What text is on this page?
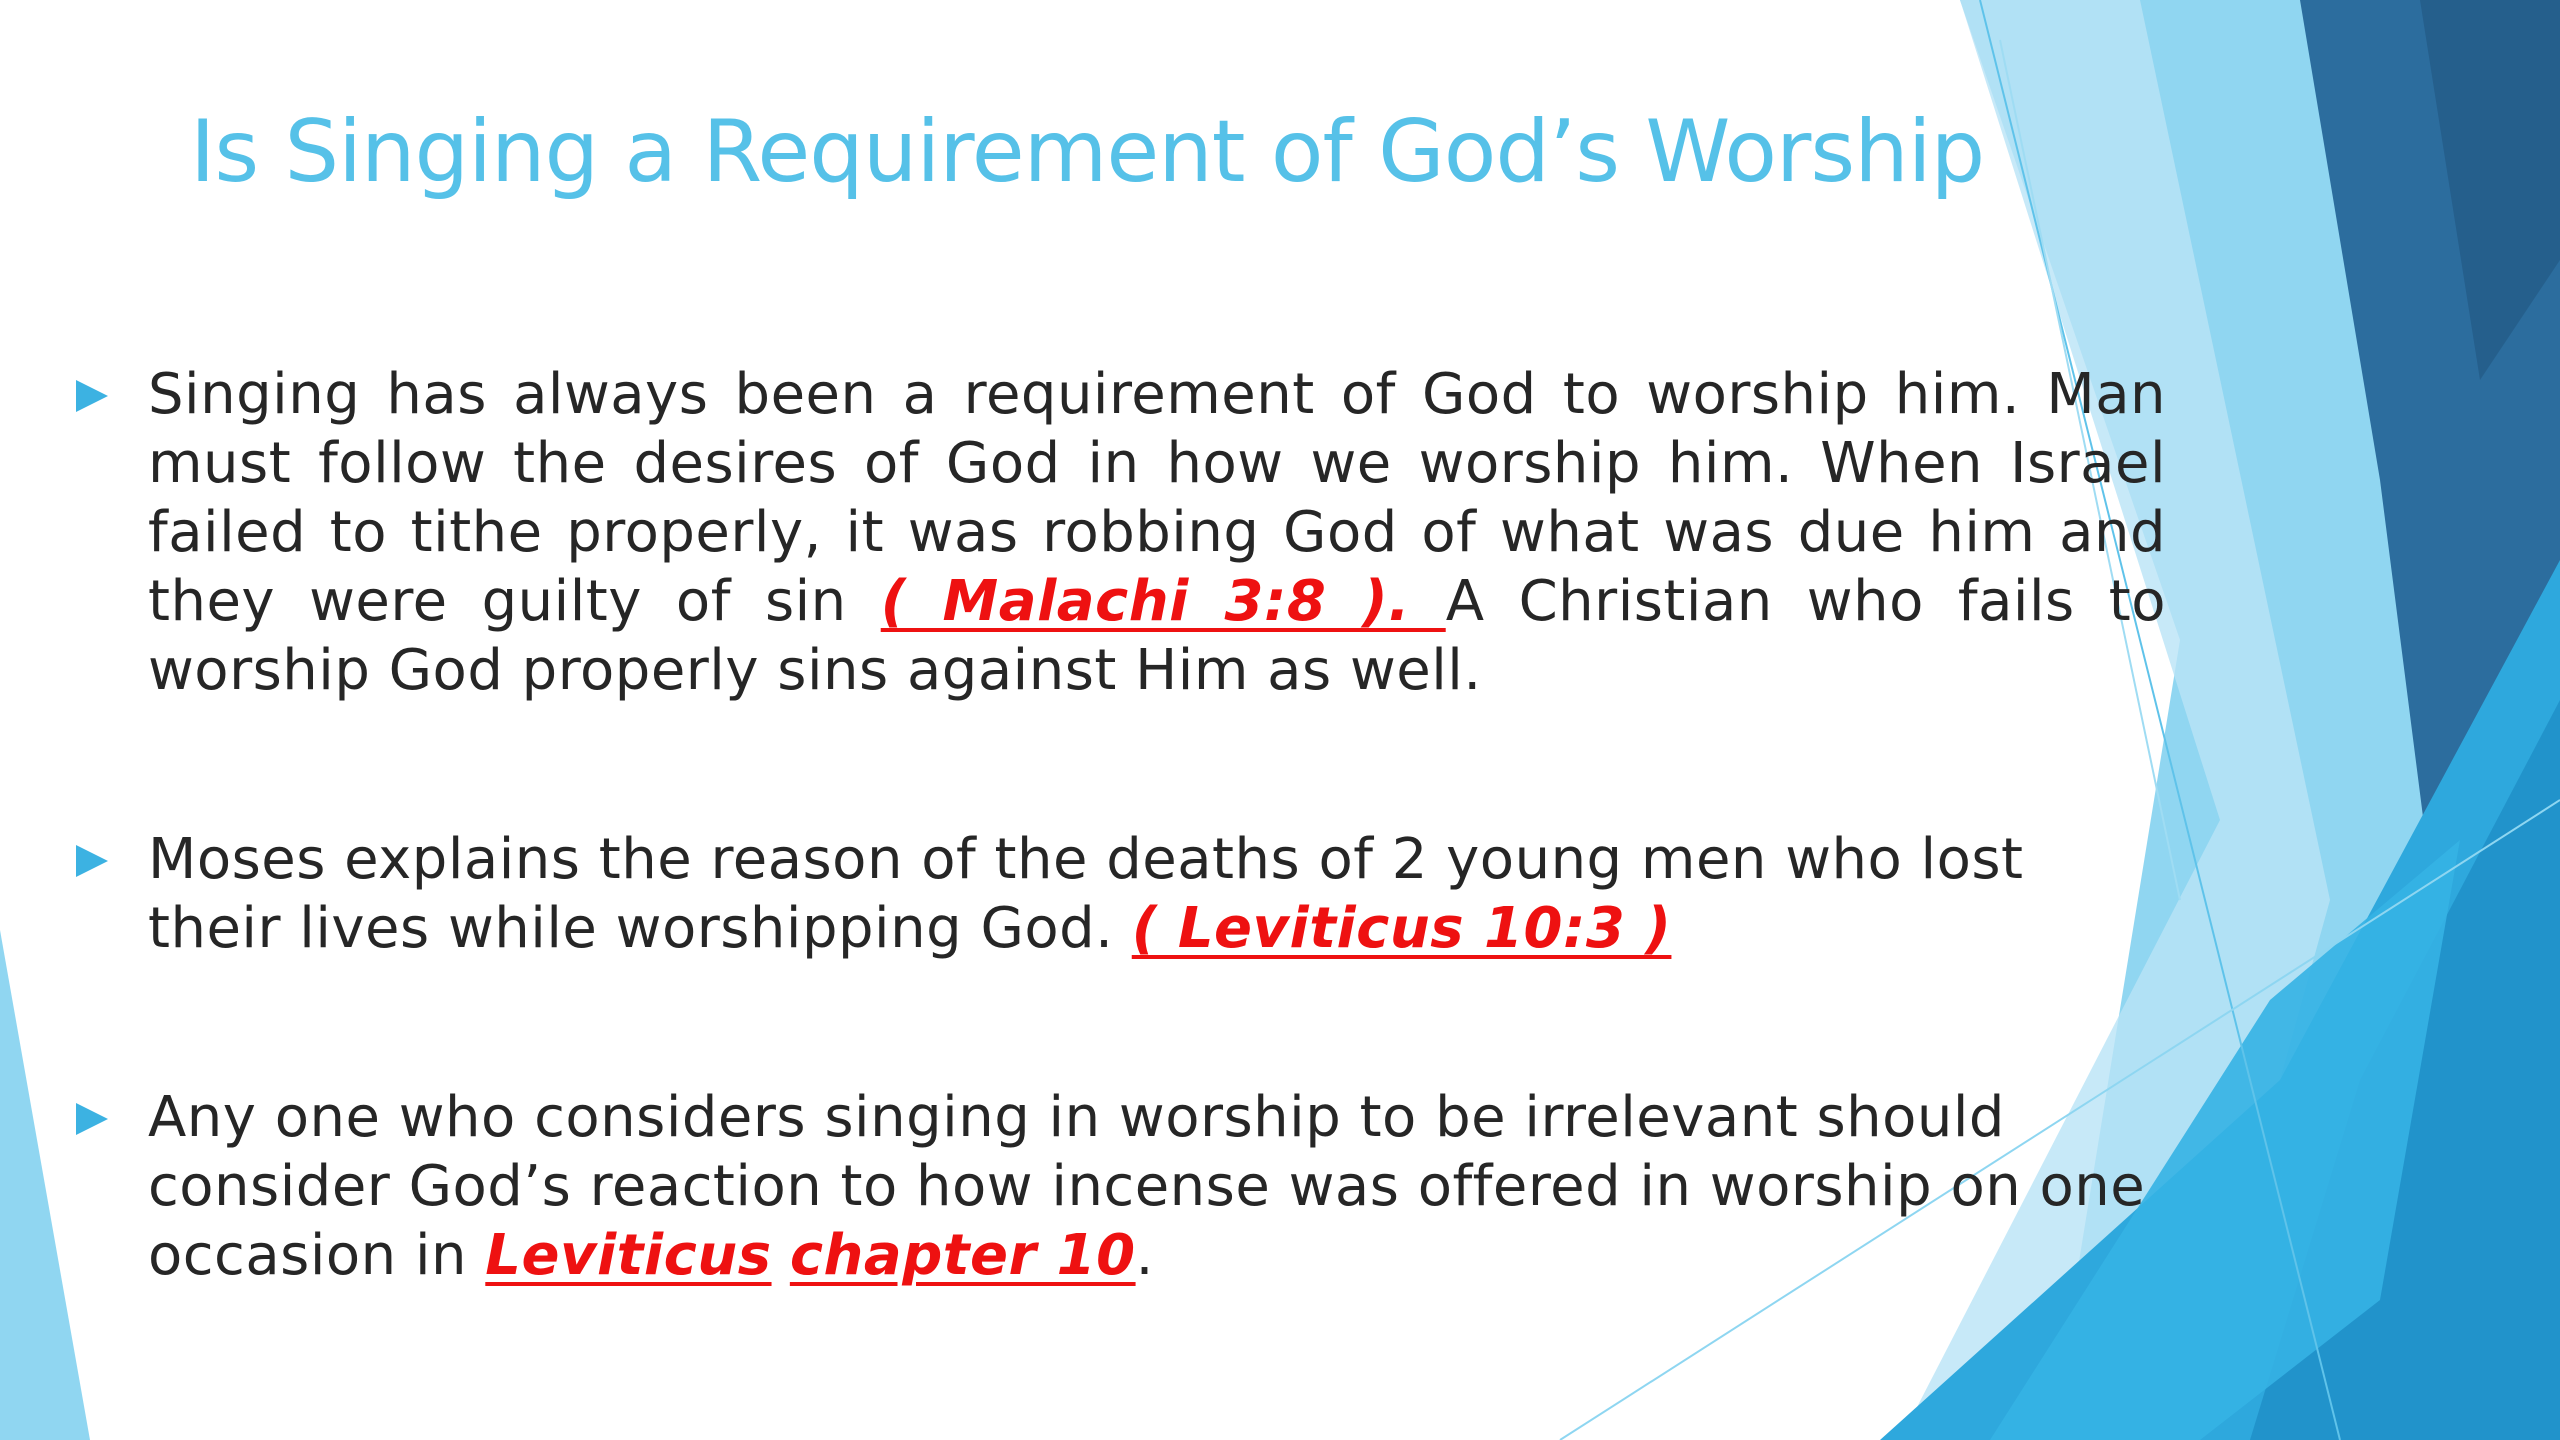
Is Singing a Requirement of God’s Worship
Singing has always been a requirement of God to worship him. Man must follow the desires of God in how we worship him. When Israel failed to tithe properly, it was robbing God of what was due him and they were guilty of sin ( Malachi 3:8 ). A Christian who fails to worship God properly sins against Him as well.
Moses explains the reason of the deaths of 2 young men who lost their lives while worshipping God. ( Leviticus 10:3 )
Any one who considers singing in worship to be irrelevant should consider God’s reaction to how incense was offered in worship on one occasion in Leviticus chapter 10.
